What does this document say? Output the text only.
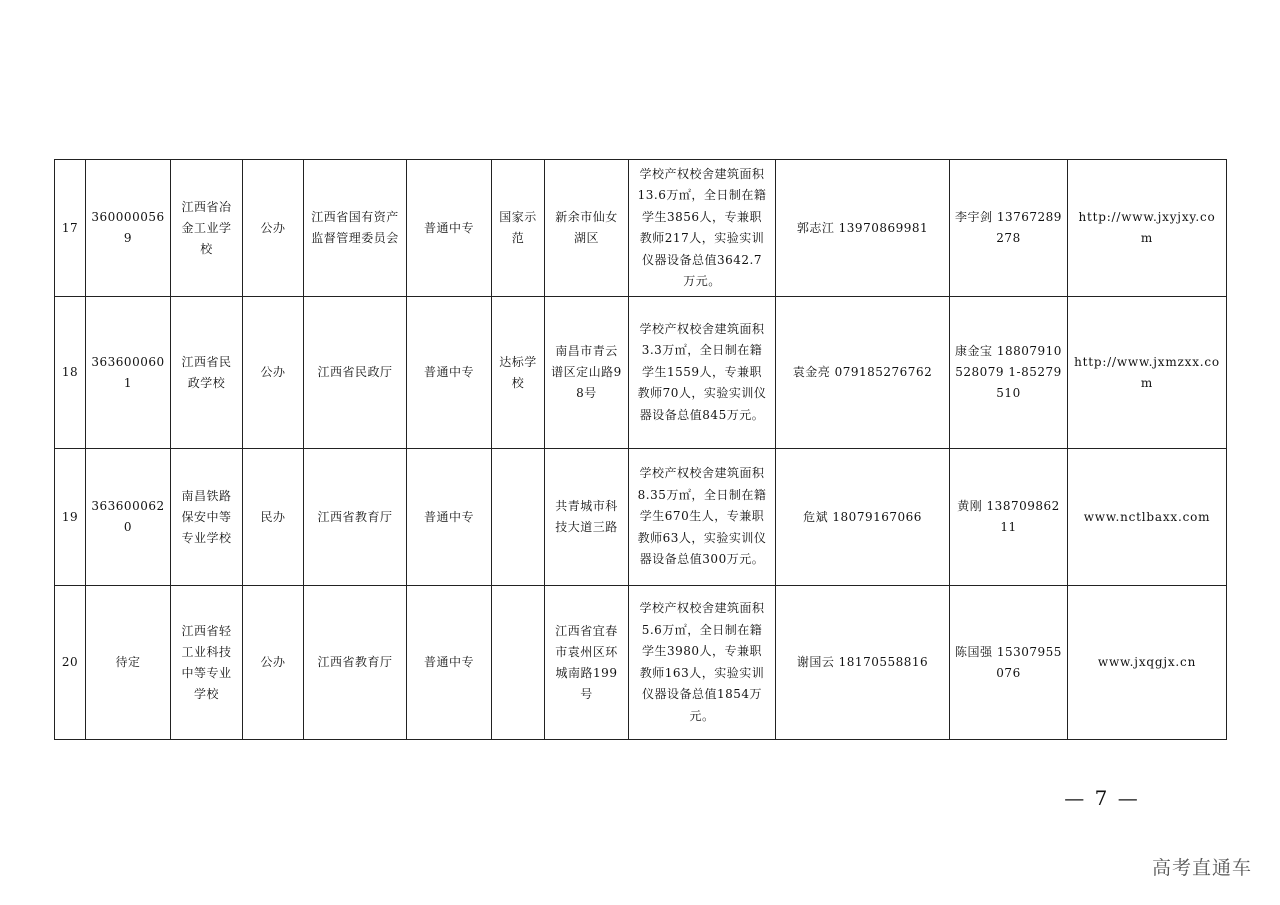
17	3600000569	江西省冶金工业学校	公办	江西省国有资产监督管理委员会	普通中专	国家示范	新余市仙女湖区	学校产权校舍建筑面积13.6万㎡，全日制在籍学生3856人，专兼职教师217人，实验实训仪器设备总值3642.7万元。	郭志江 13970869981	李宇剑 13767289278	http://www.jxyjxy.com
18	3636000601	江西省民政学校	公办	江西省民政厅	普通中专	达标学校	南昌市青云谱区定山路98号	学校产权校舍建筑面积3.3万㎡，全日制在籍学生1559人，专兼职教师70人，实验实训仪器设备总值845万元。	袁金亮 079185276762	康金宝 18807910528079 1-85279510	http://www.jxmzxx.com
19	3636000620	南昌铁路保安中等专业学校	民办	江西省教育厅	普通中专		共青城市科技大道三路	学校产权校舍建筑面积8.35万㎡，全日制在籍学生670生人，专兼职教师63人，实验实训仪器设备总值300万元。	危斌 18079167066	黄刚 13870986211	www.nctlbaxx.com
20	待定	江西省轻工业科技中等专业学校	公办	江西省教育厅	普通中专		江西省宜春市袁州区环城南路199号	学校产权校舍建筑面积5.6万㎡，全日制在籍学生3980人，专兼职教师163人，实验实训仪器设备总值1854万元。	谢国云 18170558816	陈国强 15307955076	www.jxqgjx.cn
— 7 —
高考直通车
